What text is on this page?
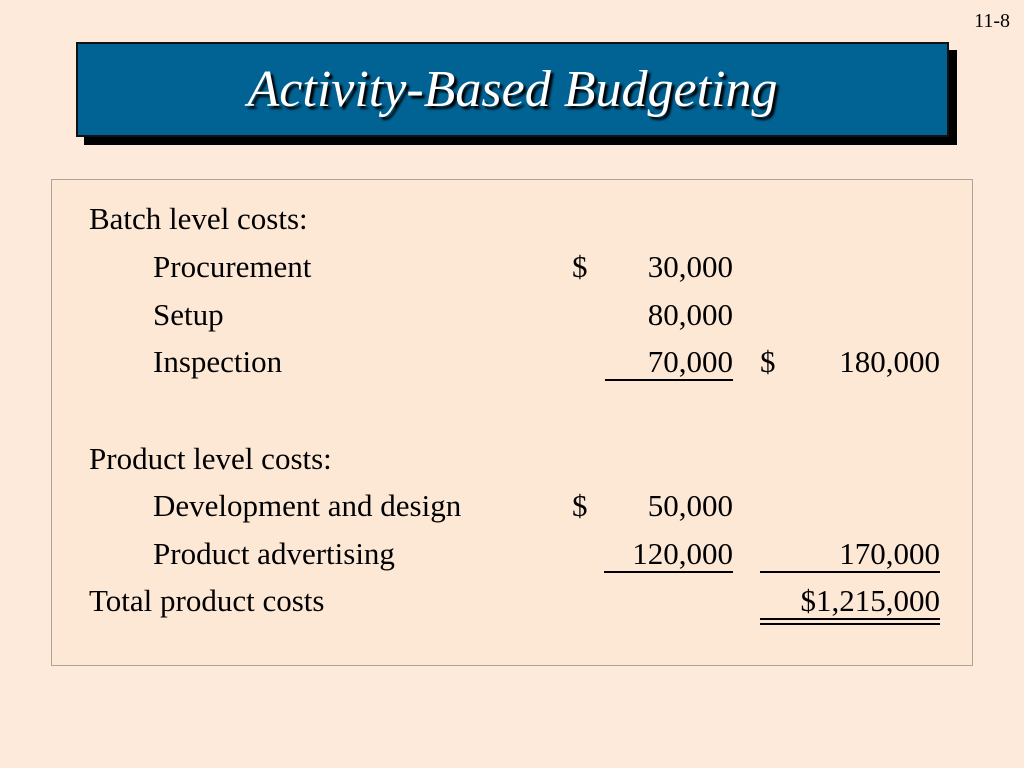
11-8
Activity-Based Budgeting
Batch level costs:
Procurement	$ 30,000
Setup	80,000
Inspection	70,000 $ 180,000
Product level costs:
Development and design	$ 50,000
Product advertising	120,000	170,000
Total product costs	$1,215,000
